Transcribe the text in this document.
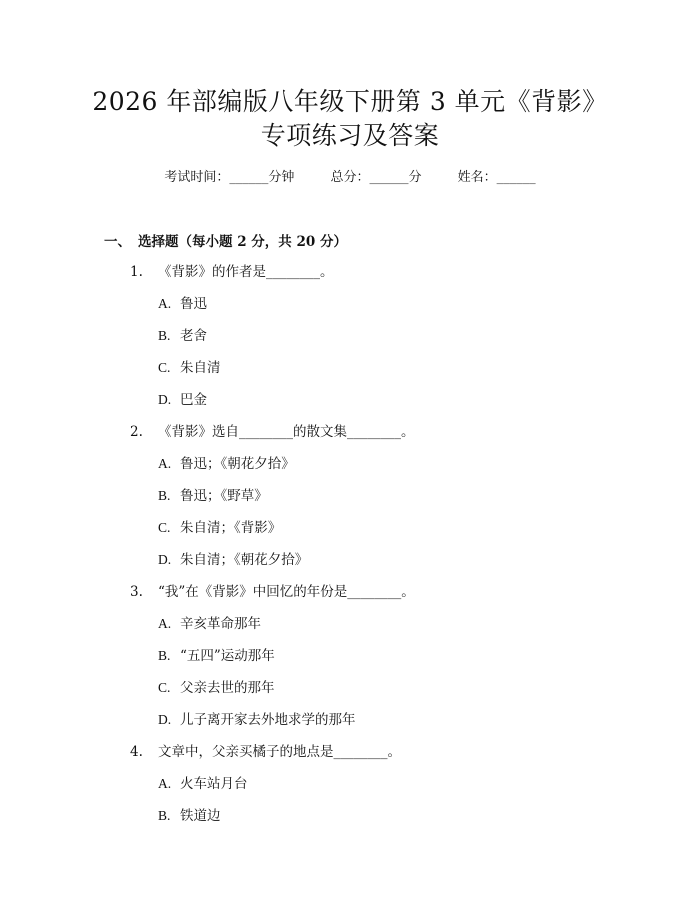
2026 年部编版八年级下册第 3 单元《背影》
专项练习及答案
考试时间：______分钟	总分：______分	姓名：______
一、 选择题（每小题 2 分，共 20 分）
1. 《背影》的作者是________。
A. 鲁迅
B. 老舍
C. 朱自清
D. 巴金
2. 《背影》选自________的散文集________。
A. 鲁迅；《朝花夕拾》
B. 鲁迅；《野草》
C. 朱自清；《背影》
D. 朱自清；《朝花夕拾》
3. “我”在《背影》中回忆的年份是________。
A. 辛亥革命那年
B. “五四”运动那年
C. 父亲去世的那年
D. 儿子离开家去外地求学的那年
4. 文章中，父亲买橘子的地点是________。
A. 火车站月台
B. 铁道边
